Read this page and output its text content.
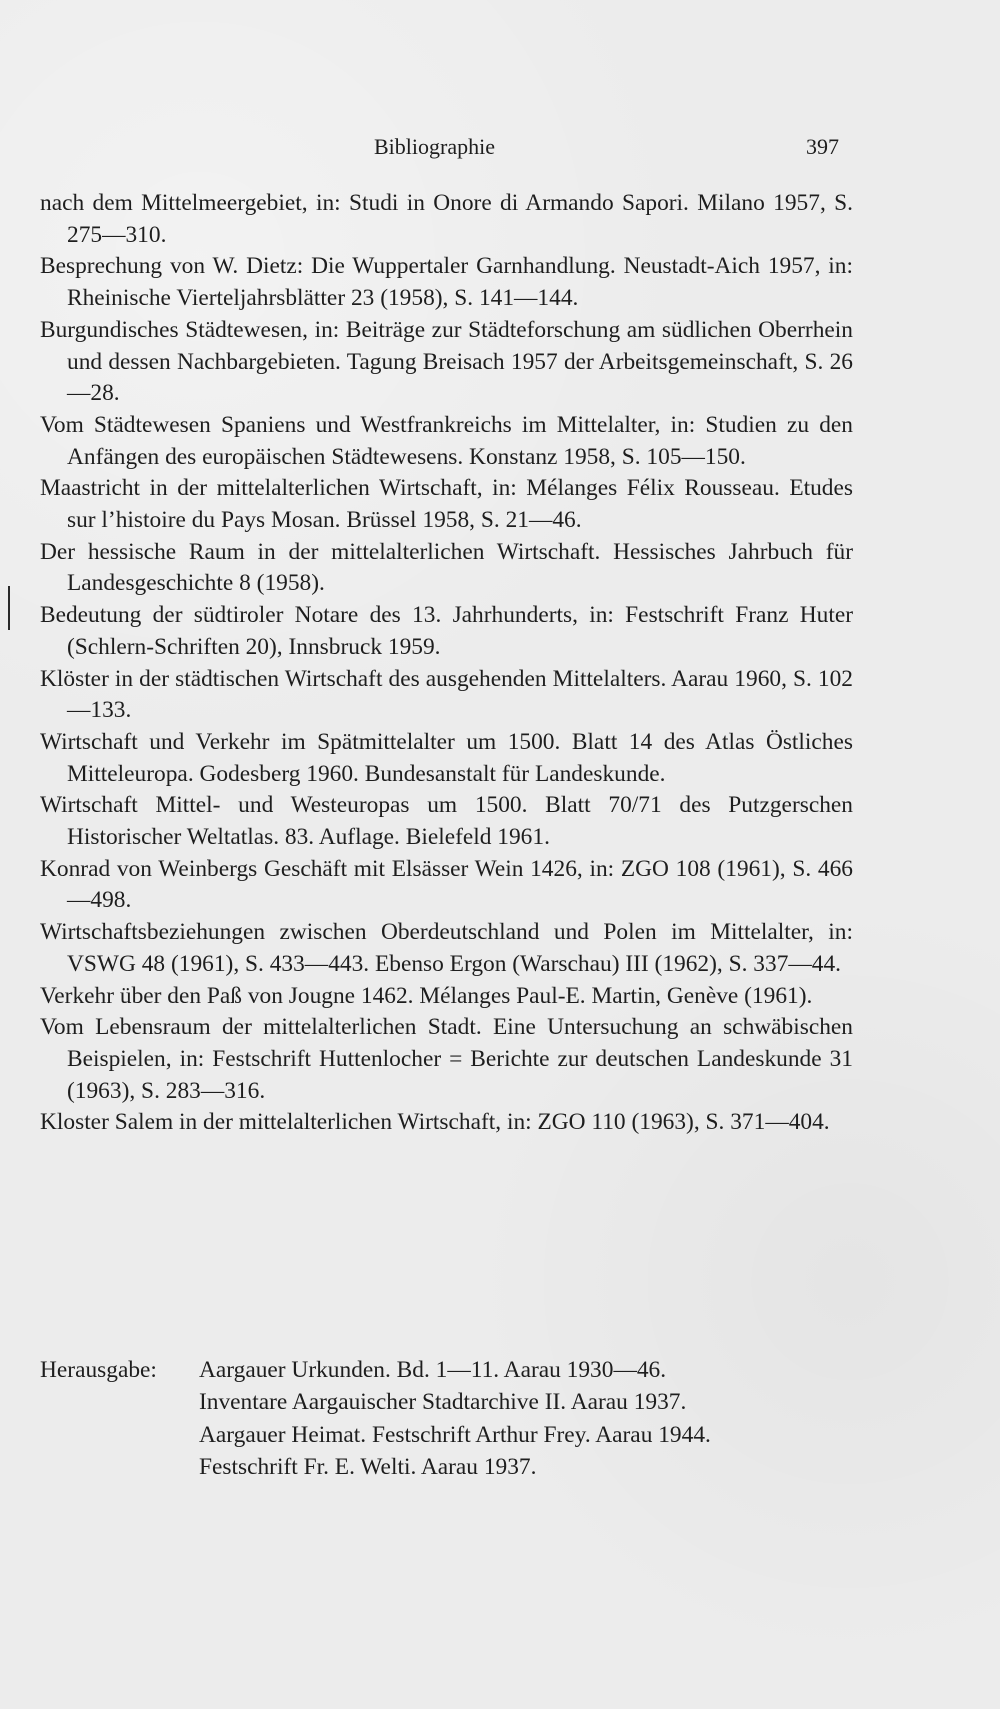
Bibliographie	397

nach dem Mittelmeergebiet, in: Studi in Onore di Armando Sapori. Milano 1957, S. 275—310.

Besprechung von W. Dietz: Die Wuppertaler Garnhandlung. Neustadt-Aich 1957, in: Rheinische Vierteljahrsblätter 23 (1958), S. 141—144.

Burgundisches Städtewesen, in: Beiträge zur Städteforschung am südlichen Oberrhein und dessen Nachbargebieten. Tagung Breisach 1957 der Arbeitsgemeinschaft, S. 26—28.

Vom Städtewesen Spaniens und Westfrankreichs im Mittelalter, in: Studien zu den Anfängen des europäischen Städtewesens. Konstanz 1958, S. 105—150.

Maastricht in der mittelalterlichen Wirtschaft, in: Mélanges Félix Rousseau. Etudes sur l’histoire du Pays Mosan. Brüssel 1958, S. 21—46.

Der hessische Raum in der mittelalterlichen Wirtschaft. Hessisches Jahrbuch für Landesgeschichte 8 (1958).

Bedeutung der südtiroler Notare des 13. Jahrhunderts, in: Festschrift Franz Huter (Schlern-Schriften 20), Innsbruck 1959.

Klöster in der städtischen Wirtschaft des ausgehenden Mittelalters. Aarau 1960, S. 102—133.

Wirtschaft und Verkehr im Spätmittelalter um 1500. Blatt 14 des Atlas Östliches Mitteleuropa. Godesberg 1960. Bundesanstalt für Landeskunde.

Wirtschaft Mittel- und Westeuropas um 1500. Blatt 70/71 des Putzgerschen Historischer Weltatlas. 83. Auflage. Bielefeld 1961.

Konrad von Weinbergs Geschäft mit Elsässer Wein 1426, in: ZGO 108 (1961), S. 466—498.

Wirtschaftsbeziehungen zwischen Oberdeutschland und Polen im Mittelalter, in: VSWG 48 (1961), S. 433—443. Ebenso Ergon (Warschau) III (1962), S. 337—44.

Verkehr über den Paß von Jougne 1462. Mélanges Paul-E. Martin, Genève (1961).

Vom Lebensraum der mittelalterlichen Stadt. Eine Untersuchung an schwäbischen Beispielen, in: Festschrift Huttenlocher = Berichte zur deutschen Landeskunde 31 (1963), S. 283—316.

Kloster Salem in der mittelalterlichen Wirtschaft, in: ZGO 110 (1963), S. 371—404.

Herausgabe: Aargauer Urkunden. Bd. 1—11. Aarau 1930—46.
Inventare Aargauischer Stadtarchive II. Aarau 1937.
Aargauer Heimat. Festschrift Arthur Frey. Aarau 1944.
Festschrift Fr. E. Welti. Aarau 1937.
